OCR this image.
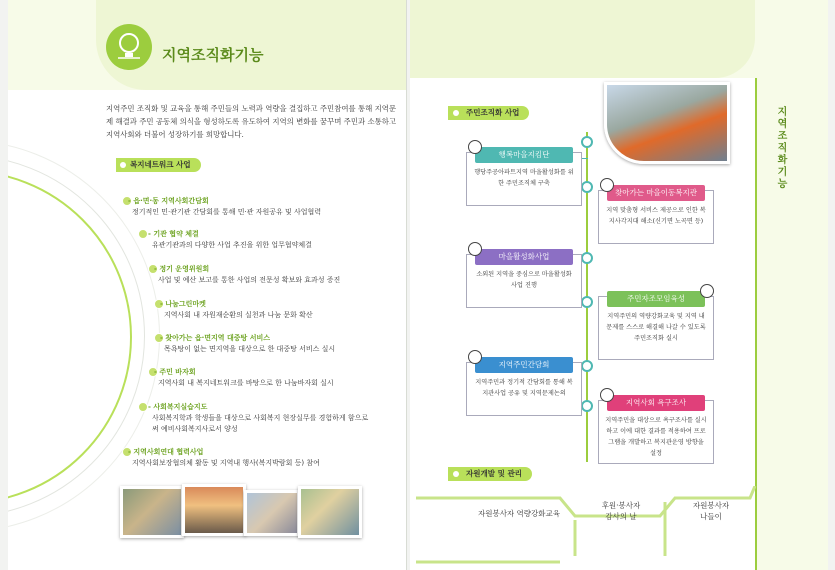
지역조직화기능
지역주민 조직화 및 교육을 통해 주민들의 노력과 역량을 결집하고 주민참여를 통해 지역문제 해결과 주민 공동체 의식을 형성하도록 유도하여 지역의 변화를 꿈꾸며 주민과 소통하고 지역사회와 더불어 성장하기를 희망합니다.
복지네트워크 사업
- 읍·면·동 지역사회간담회
정기적인 민·관기관 간담회를 통해 민·관 자원공유 및 사업협력
- 기관 협약 체결
유관기관과의 다양한 사업 추진을 위한 업무협약체결
- 정기 운영위원회
사업 및 예산 보고를 통한 사업의 전문성 확보와 효과성 증진
- 나눔그린마켓
지역사회 내 자원재순환의 실천과 나눔 문화 확산
- 찾아가는 읍·면지역 대중탕 서비스
목욕탕이 없는 면지역을 대상으로 한 대중탕 서비스 실시
- 주민 바자회
지역사회 내 복지네트워크를 바탕으로 한 나눔바자회 실시
- 사회복지실습지도
사회복지학과 학생들을 대상으로 사회복지 현장실무를 경험하게 함으로써 예비사회복지사로서 양성
- 지역사회연대 협력사업
지역사회보장협의체 활동 및 지역내 행사(복지박람회 등) 참여
지역조직화기능
주민조직화 사업
행복마을지킴단
행당주공아파트지역 마을활성화를 위한 주민조직체 구축
찾아가는 마을이동복지관
지역 맞춤형 서비스 제공으로 인한 복지사각지대 해소(신기면 노곡면 등)
마을활성화사업
소외된 지역을 중심으로 마을활성화 사업 진행
주민자조모임육성
지역주민의 역량강화교육 및 지역 내 문제를 스스로 해결해 나갈 수 있도록 주민조직화 실시
지역주민간담회
지역주민과 정기적 간담회를 통해 복지관사업 공유 및 지역문제논의
지역사회 욕구조사
지역주민을 대상으로 욕구조사를 실시하고 이에 대한 결과를 적용하여 프로그램을 개발하고 복지관운영 방향을 설정
자원개발 및 관리
자원봉사자 역량강화교육
후원·봉사자
감사의 날
자원봉사자
나들이
